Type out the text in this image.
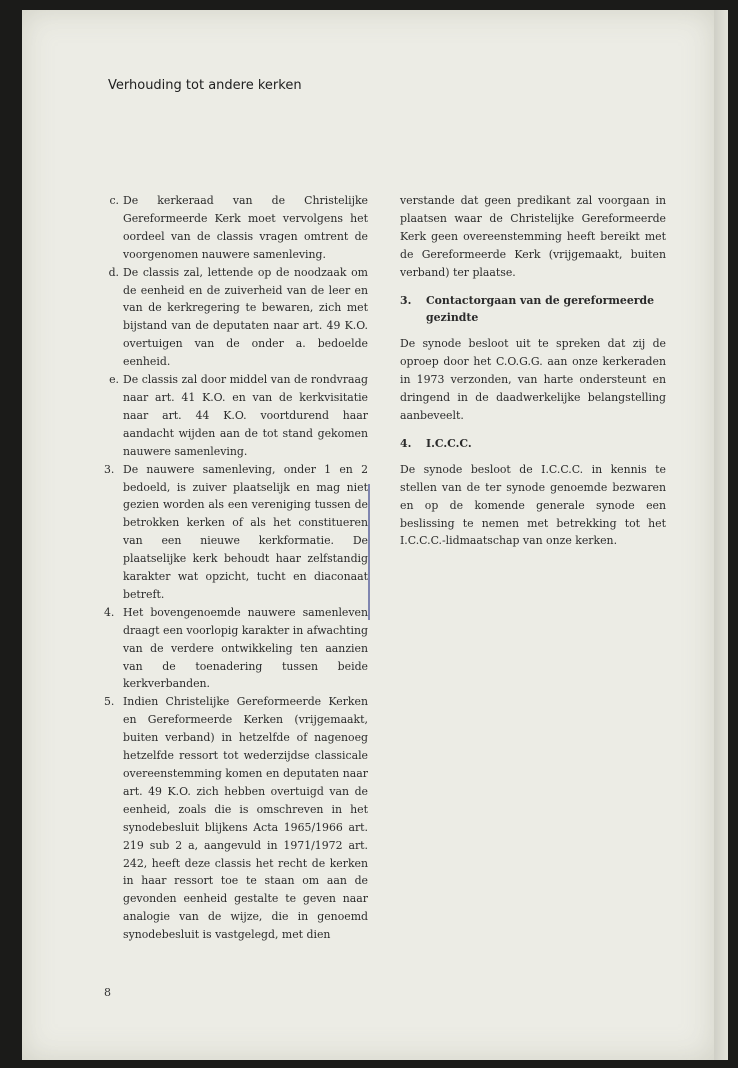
Verhouding tot andere kerken
c. De kerkeraad van de Christelijke Gereformeerde Kerk moet vervolgens het oordeel van de classis vragen omtrent de voorgenomen nauwere samenleving.
d. De classis zal, lettende op de noodzaak om de eenheid en de zuiverheid van de leer en van de kerkregering te bewaren, zich met bijstand van de deputaten naar art. 49 K.O. overtuigen van de onder a. bedoelde eenheid.
e. De classis zal door middel van de rondvraag naar art. 41 K.O. en van de kerkvisitatie naar art. 44 K.O. voortdurend haar aandacht wijden aan de tot stand gekomen nauwere samenleving.
3. De nauwere samenleving, onder 1 en 2 bedoeld, is zuiver plaatselijk en mag niet gezien worden als een vereniging tussen de betrokken kerken of als het constitueren van een nieuwe kerkformatie. De plaatselijke kerk behoudt haar zelfstandig karakter wat opzicht, tucht en diaconaat betreft.
4. Het bovengenoemde nauwere samenleven draagt een voorlopig karakter in afwachting van de verdere ontwikkeling ten aanzien van de toenadering tussen beide kerkverbanden.
5. Indien Christelijke Gereformeerde Kerken en Gereformeerde Kerken (vrijgemaakt, buiten verband) in hetzelfde of nagenoeg hetzelfde ressort tot wederzijdse classicale overeenstemming komen en deputaten naar art. 49 K.O. zich hebben overtuigd van de eenheid, zoals die is omschreven in het synodebesluit blijkens Acta 1965/1966 art. 219 sub 2 a, aangevuld in 1971/1972 art. 242, heeft deze classis het recht de kerken in haar ressort toe te staan om aan de gevonden eenheid gestalte te geven naar analogie van de wijze, die in genoemd synodebesluit is vastgelegd, met dien
verstande dat geen predikant zal voorgaan in plaatsen waar de Christelijke Gereformeerde Kerk geen overeenstemming heeft bereikt met de Gereformeerde Kerk (vrijgemaakt, buiten verband) ter plaatse.
3.	Contactorgaan van de gereformeerde gezindte
De synode besloot uit te spreken dat zij de oproep door het C.O.G.G. aan onze kerkeraden in 1973 verzonden, van harte ondersteunt en dringend in de daadwerkelijke belangstelling aanbeveelt.
4.	I.C.C.C.
De synode besloot de I.C.C.C. in kennis te stellen van de ter synode genoemde bezwaren en op de komende generale synode een beslissing te nemen met betrekking tot het I.C.C.C.-lidmaatschap van onze kerken.
8
